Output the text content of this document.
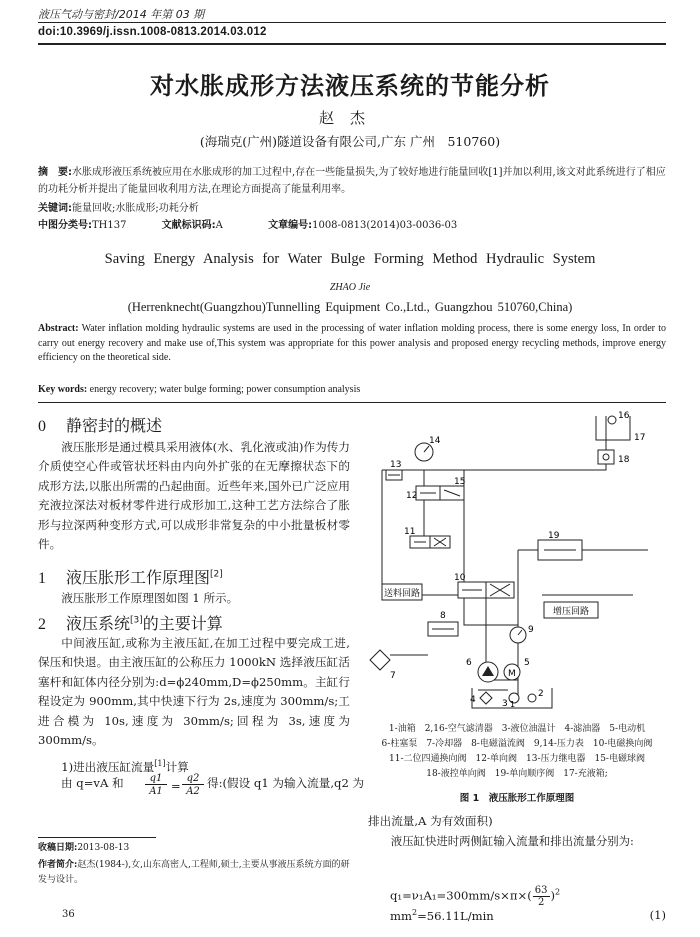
液压气动与密封/2014 年第 03 期
doi:10.3969/j.issn.1008-0813.2014.03.012
对水胀成形方法液压系统的节能分析
赵杰
(海瑞克(广州)隧道设备有限公司,广东 广州　510760)
摘　要:水胀成形液压系统被应用在水胀成形的加工过程中,存在一些能量损失,为了较好地进行能量回收[1]并加以利用,该文对此系统进行了相应的功耗分析并提出了能量回收利用方法,在理论方面提高了能量利用率。
关键词:能量回收;水胀成形;功耗分析
中图分类号:TH137	文献标识码:A	文章编号:1008-0813(2014)03-0036-03
Saving Energy Analysis for Water Bulge Forming Method Hydraulic System
ZHAO Jie
(Herrenknecht(Guangzhou)Tunnelling Equipment Co.,Ltd., Guangzhou 510760,China)
Abstract: Water inflation molding hydraulic systems are used in the processing of water inflation molding process, there is some energy loss, In order to carry out energy recovery and make use of,This system was appropriate for this power analysis and proposed energy recycling methods, improve energy efficiency on the theoretical side.
Key words: energy recovery; water bulge forming; power consumption analysis
0 静密封的概述
液压胀形是通过模具采用液体(水、乳化液或油)作为传力介质使空心件或管状坯料由内向外扩张的在无摩擦状态下的成形方法,以胀出所需的凸起曲面。近些年来,国外已广泛应用充液拉深法对板材零件进行成形加工,这种工艺方法综合了胀形与拉深两种变形方式,可以成形非常复杂的中小批量板材零件。
1 液压胀形工作原理图[2]
液压胀形工作原理图如图 1 所示。
2 液压系统[3]的主要计算
中间液压缸,或称为主液压缸,在加工过程中要完成工进,保压和快退。由主液压缸的公称压力 1000kN 选择液压缸活塞杆和缸体内径分别为:d=ϕ240mm,D=ϕ250mm。主缸行程设定为 900mm,其中快速下行为 2s,速度为 300mm/s;工进合模为 10s,速度为 30mm/s;回程为 3s,速度为 300mm/s。
1)进出液压缸流量[1]计算
由 q=vA 和	q1
A1 =
q2
A2
得:(假设 q1 为输入流量,q2 为
收稿日期:2013-08-13
作者简介:赵杰(1984-),女,山东高密人,工程师,硕士,主要从事液压系统方面的研发与设计。
36
14
13
12
15
11
16
17
18
19
10
送料回路
增压回路
8
9
7
6
M
5
4	3
2
1
1-油箱　2,16-空气滤清器　3-液位油温计　4-滤油器　5-电动机
6-柱塞泵　7-冷却器　8-电磁溢流阀　9,14-压力表　10-电磁换向阀
11-二位四通换向阀　12-单向阀　13-压力继电器　15-电磁球阀
18-液控单向阀　19-单向顺序阀　17-充液箱;
图 1　液压胀形工作原理图
排出流量,A 为有效面积)
液压缸快进时两侧缸输入流量和排出流量分别为:
$q_1=\nu_1A_1=300mm/s\times\pi\times( \frac{63}{2} )^2$ $mm^2=56.11L/\min$	(1)
